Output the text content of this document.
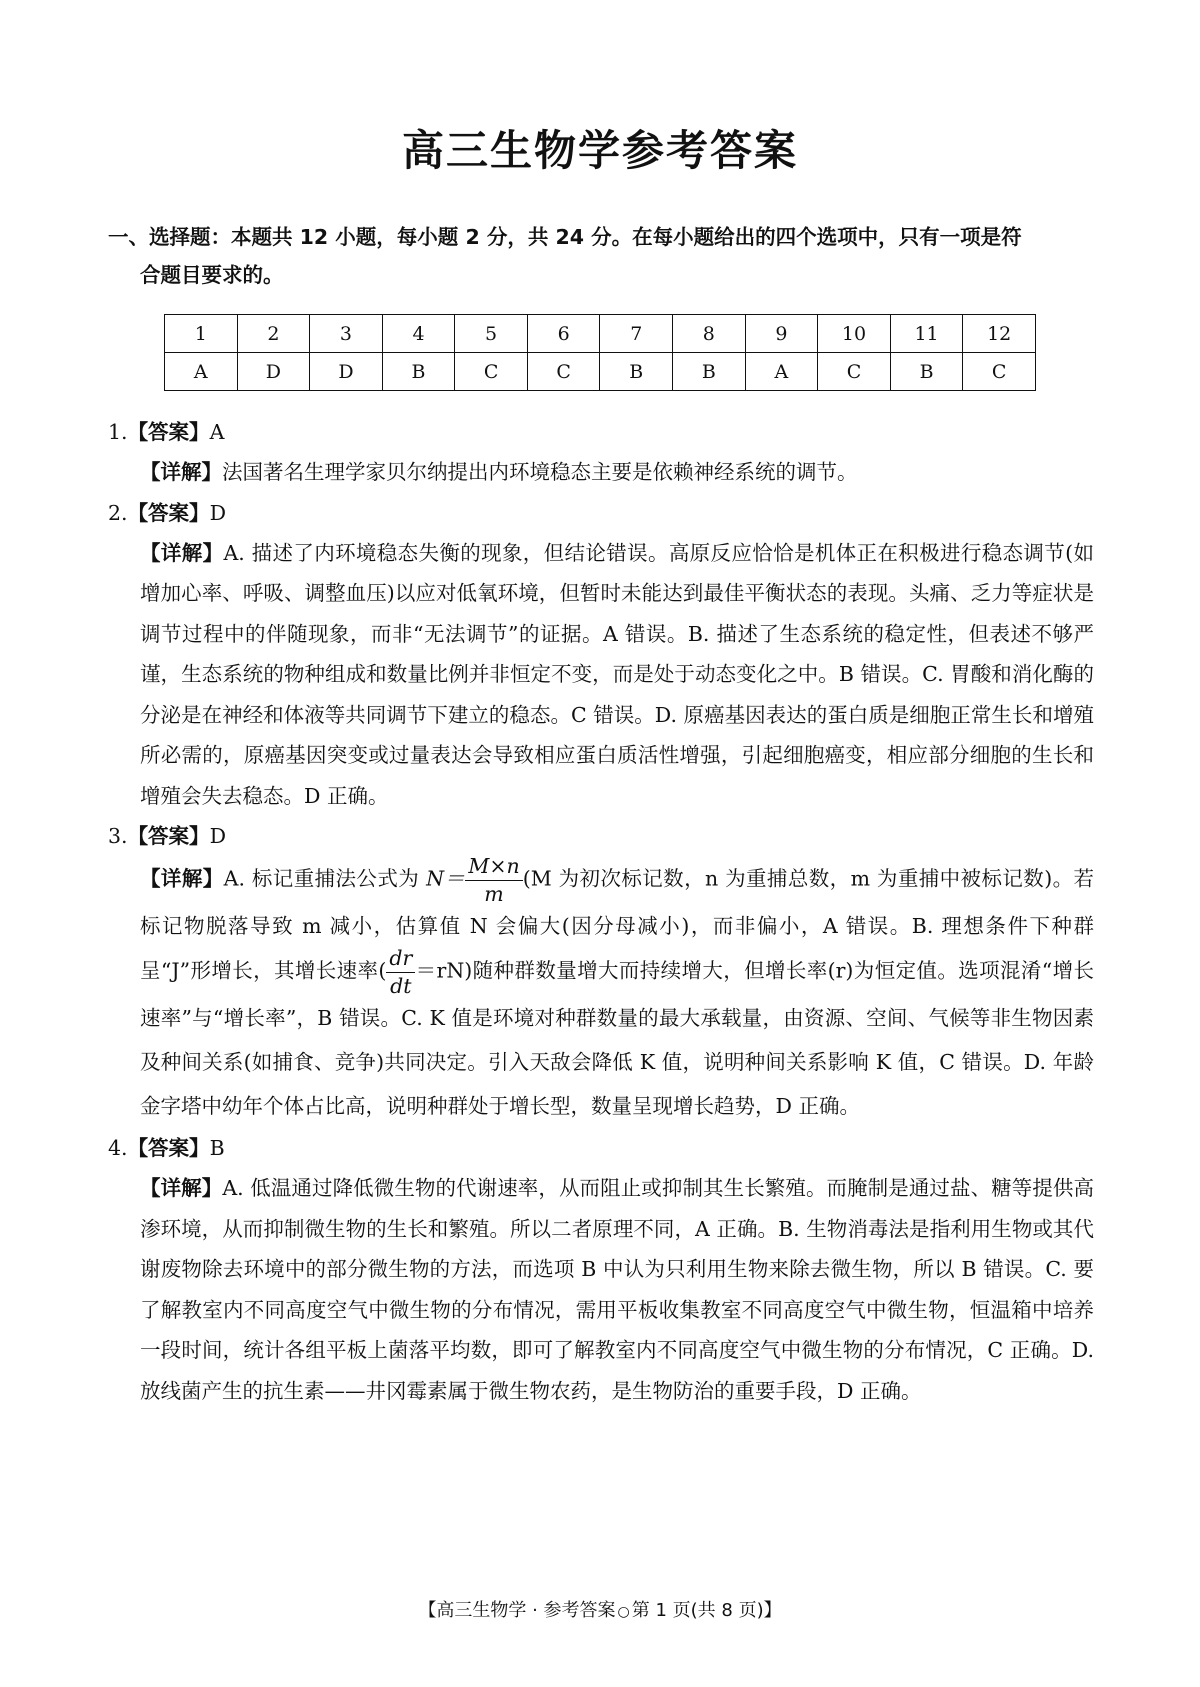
高三生物学参考答案
一、选择题：本题共 12 小题，每小题 2 分，共 24 分。在每小题给出的四个选项中，只有一项是符
合题目要求的。
1	2	3	4	5	6	7	8	9	10	11	12
A	D	D	B	C	C	B	B	A	C	B	C
1.【答案】A
【详解】法国著名生理学家贝尔纳提出内环境稳态主要是依赖神经系统的调节。
2.【答案】D
【详解】A. 描述了内环境稳态失衡的现象，但结论错误。高原反应恰恰是机体正在积极进行稳态调节(如增加心率、呼吸、调整血压)以应对低氧环境，但暂时未能达到最佳平衡状态的表现。头痛、乏力等症状是调节过程中的伴随现象，而非“无法调节”的证据。A 错误。B. 描述了生态系统的稳定性，但表述不够严谨，生态系统的物种组成和数量比例并非恒定不变，而是处于动态变化之中。B 错误。C. 胃酸和消化酶的分泌是在神经和体液等共同调节下建立的稳态。C 错误。D. 原癌基因表达的蛋白质是细胞正常生长和增殖所必需的，原癌基因突变或过量表达会导致相应蛋白质活性增强，引起细胞癌变，相应部分细胞的生长和增殖会失去稳态。D 正确。
3.【答案】D
【详解】A. 标记重捕法公式为 $N= \frac{M\times n}{m} (M$ 为初次标记数，n 为重捕总数，m 为重捕中被标记数)。若标记物脱落导致 m 减小，估算值 N 会偏大(因分母减小)，而非偏小，A 错误。B. 理想条件下种群呈“J”形增长，其增长速率( $\frac{dr}{dt} =rN$)随种群数量增大而持续增大，但增长率(r)为恒定值。选项混淆“增长速率”与“增长率”，B 错误。C. K 值是环境对种群数量的最大承载量，由资源、空间、气候等非生物因素及种间关系(如捕食、竞争)共同决定。引入天敌会降低 K 值，说明种间关系影响 K 值，C 错误。D. 年龄金字塔中幼年个体占比高，说明种群处于增长型，数量呈现增长趋势，D 正确。
4.【答案】B
【详解】A. 低温通过降低微生物的代谢速率，从而阻止或抑制其生长繁殖。而腌制是通过盐、糖等提供高渗环境，从而抑制微生物的生长和繁殖。所以二者原理不同，A 正确。B. 生物消毒法是指利用生物或其代谢废物除去环境中的部分微生物的方法，而选项 B 中认为只利用生物来除去微生物，所以 B 错误。C. 要了解教室内不同高度空气中微生物的分布情况，需用平板收集教室不同高度空气中微生物，恒温箱中培养一段时间，统计各组平板上菌落平均数，即可了解教室内不同高度空气中微生物的分布情况，C 正确。D. 放线菌产生的抗生素——井冈霉素属于微生物农药，是生物防治的重要手段，D 正确。
【高三生物学 · 参考答案 ○ 第 1 页(共 8 页)】
